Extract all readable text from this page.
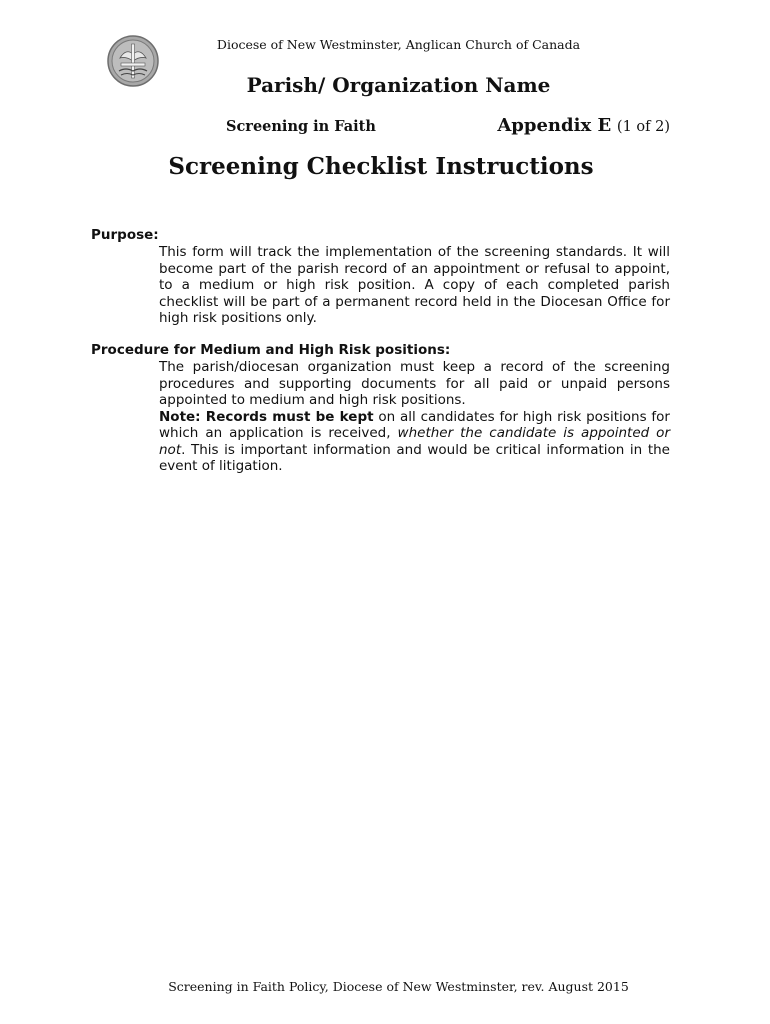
Diocese of New Westminster, Anglican Church of Canada
Parish/ Organization Name
Screening in Faith	Appendix E (1 of 2)
Screening Checklist Instructions
Purpose:

This form will track the implementation of the screening standards. It will become part of the parish record of an appointment or refusal to appoint, to a medium or high risk position. A copy of each completed parish checklist will be part of a permanent record held in the Diocesan Office for high risk positions only.

Procedure for Medium and High Risk positions:

The parish/diocesan organization must keep a record of the screening procedures and supporting documents for all paid or unpaid persons appointed to medium and high risk positions.

Note: Records must be kept on all candidates for high risk positions for which an application is received, whether the candidate is appointed or not. This is important information and would be critical information in the event of litigation.

Screening in Faith Policy, Diocese of New Westminster, rev. August 2015
